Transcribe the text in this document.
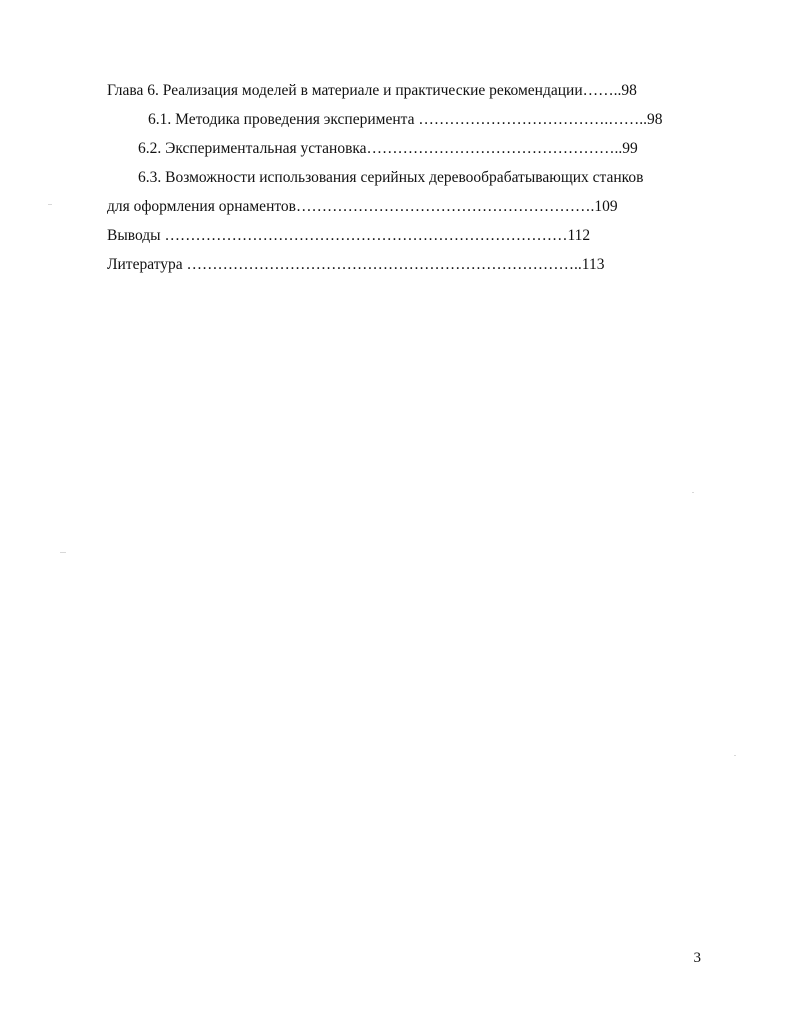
Глава 6. Реализация моделей в материале и практические рекомендации……..98
6.1. Методика проведения эксперимента ……………………………….……..98
6.2. Экспериментальная установка…………………………………………..99
6.3. Возможности использования серийных деревообрабатывающих станков
для оформления орнаментов………………………………………………….109
Выводы ……………………………………………………………………112
Литература …………………………………………………………………..113
3
